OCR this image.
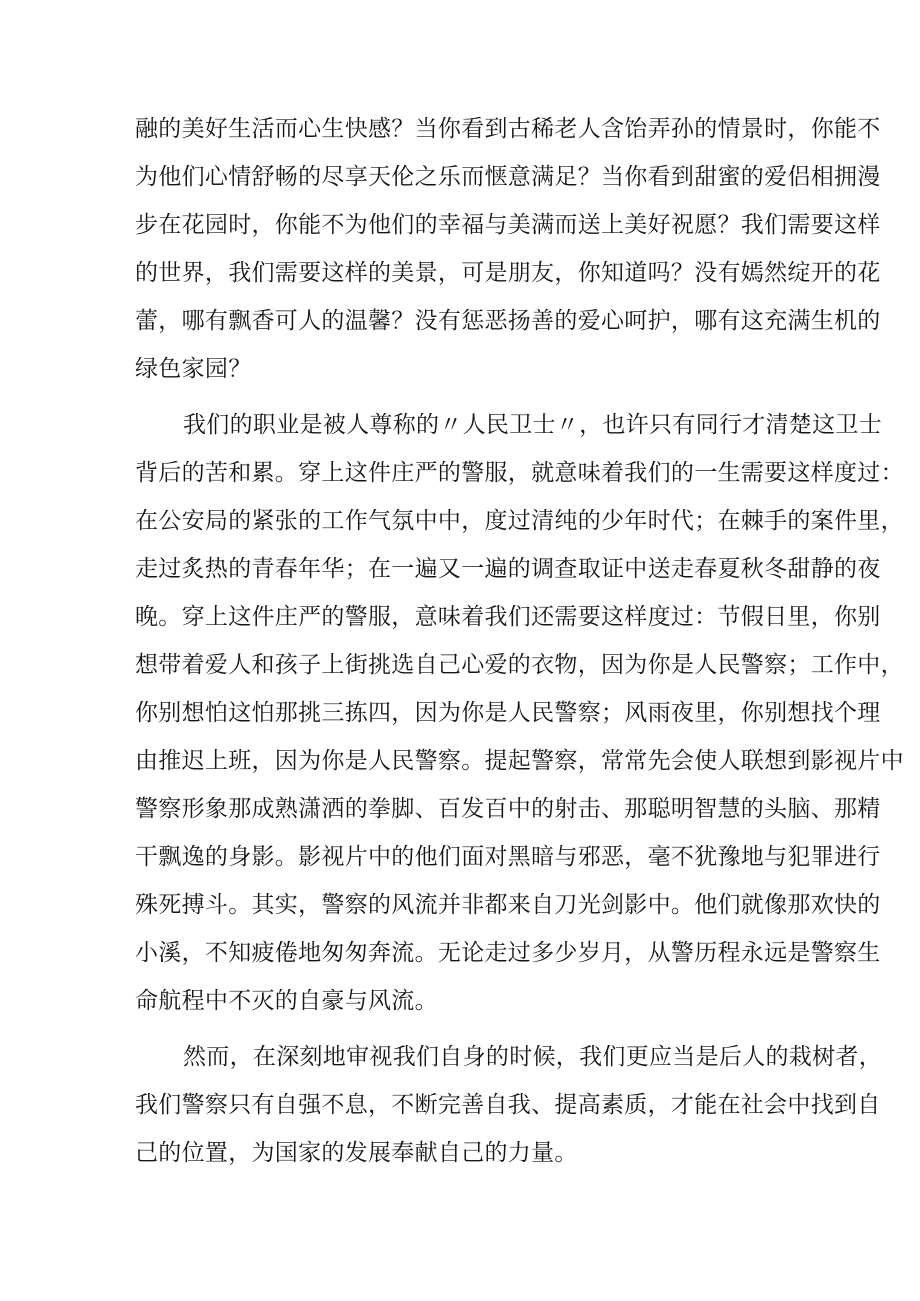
融的美好生活而心生快感？当你看到古稀老人含饴弄孙的情景时，你能不
为他们心情舒畅的尽享天伦之乐而惬意满足？当你看到甜蜜的爱侣相拥漫
步在花园时，你能不为他们的幸福与美满而送上美好祝愿？我们需要这样
的世界，我们需要这样的美景，可是朋友，你知道吗？没有嫣然绽开的花
蕾，哪有飘香可人的温馨？没有惩恶扬善的爱心呵护，哪有这充满生机的
绿色家园？
我们的职业是被人尊称的〃人民卫士〃，也许只有同行才清楚这卫士
背后的苦和累。穿上这件庄严的警服，就意味着我们的一生需要这样度过：
在公安局的紧张的工作气氛中中，度过清纯的少年时代；在棘手的案件里，
走过炙热的青春年华；在一遍又一遍的调查取证中送走春夏秋冬甜静的夜
晚。穿上这件庄严的警服，意味着我们还需要这样度过：节假日里，你别
想带着爱人和孩子上街挑选自己心爱的衣物，因为你是人民警察；工作中，
你别想怕这怕那挑三拣四，因为你是人民警察；风雨夜里，你别想找个理
由推迟上班，因为你是人民警察。提起警察，常常先会使人联想到影视片中
警察形象那成熟潇洒的拳脚、百发百中的射击、那聪明智慧的头脑、那精
干飘逸的身影。影视片中的他们面对黑暗与邪恶，毫不犹豫地与犯罪进行
殊死搏斗。其实，警察的风流并非都来自刀光剑影中。他们就像那欢快的
小溪，不知疲倦地匆匆奔流。无论走过多少岁月，从警历程永远是警察生
命航程中不灭的自豪与风流。
然而，在深刻地审视我们自身的时候，我们更应当是后人的栽树者，
我们警察只有自强不息，不断完善自我、提高素质，才能在社会中找到自
己的位置，为国家的发展奉献自己的力量。
